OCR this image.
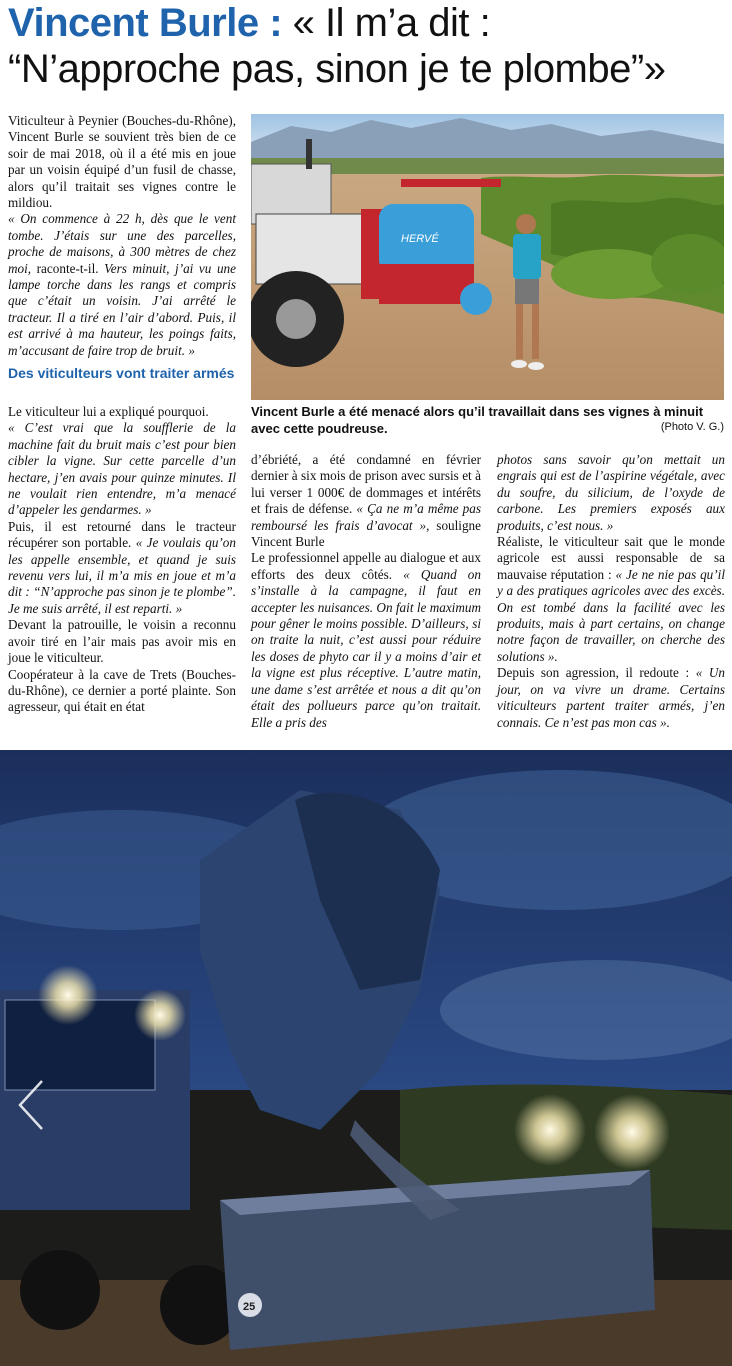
Vincent Burle : « Il m’a dit :
“N’approche pas, sinon je te plombe”»

Viticulteur à Peynier (Bouches-du-Rhône), Vincent Burle se souvient très bien de ce soir de mai 2018, où il a été mis en joue par un voisin équipé d’un fusil de chasse, alors qu’il traitait ses vignes contre le mildiou.

« On commence à 22 h, dès que le vent tombe. J’étais sur une des parcelles, proche de maisons, à 300 mètres de chez moi, raconte-t-il. Vers minuit, j’ai vu une lampe torche dans les rangs et compris que c’était un voisin. J’ai arrêté le tracteur. Il a tiré en l’air d’abord. Puis, il est arrivé à ma hauteur, les poings faits, m’accusant de faire trop de bruit. »

Des viticulteurs vont traiter armés

Le viticulteur lui a expliqué pourquoi.

« C’est vrai que la soufflerie de la machine fait du bruit mais c’est pour bien cibler la vigne. Sur cette parcelle d’un hectare, j’en avais pour quinze minutes. Il ne voulait rien entendre, m’a menacé d’appeler les gendarmes. »

Puis, il est retourné dans le tracteur récupérer son portable. « Je voulais qu’on les appelle ensemble, et quand je suis revenu vers lui, il m’a mis en joue et m’a dit : “N’approche pas sinon je te plombe”. Je me suis arrêté, il est reparti. »

Devant la patrouille, le voisin a reconnu avoir tiré en l’air mais pas avoir mis en joue le viticulteur.

Coopérateur à la cave de Trets (Bouches-du-Rhône), ce dernier a porté plainte. Son agresseur, qui était en état

HERVÉ
Vincent Burle a été menacé alors qu’il travaillait dans ses vignes à minuit avec cette poudreuse.	(Photo V. G.)

d’ébriété, a été condamné en février dernier à six mois de prison avec sursis et à lui verser 1 000€ de dommages et intérêts et frais de défense. « Ça ne m’a même pas remboursé les frais d’avocat », souligne Vincent Burle

Le professionnel appelle au dialogue et aux efforts des deux côtés. « Quand on s’installe à la campagne, il faut en accepter les nuisances. On fait le maximum pour gêner le moins possible. D’ailleurs, si on traite la nuit, c’est aussi pour réduire les doses de phyto car il y a moins d’air et la vigne est plus réceptive. L’autre matin, une dame s’est arrêtée et nous a dit qu’on était des pollueurs parce qu’on traitait. Elle a pris des

photos sans savoir qu’on mettait un engrais qui est de l’aspirine végétale, avec du soufre, du silicium, de l’oxyde de carbone. Les premiers exposés aux produits, c’est nous. »

Réaliste, le viticulteur sait que le monde agricole est aussi responsable de sa mauvaise réputation : « Je ne nie pas qu’il y a des pratiques agricoles avec des excès. On est tombé dans la facilité avec les produits, mais à part certains, on change notre façon de travailler, on cherche des solutions ».

Depuis son agression, il redoute : « Un jour, on va vivre un drame. Certains viticulteurs partent traiter armés, j’en connais. Ce n’est pas mon cas ».

25
